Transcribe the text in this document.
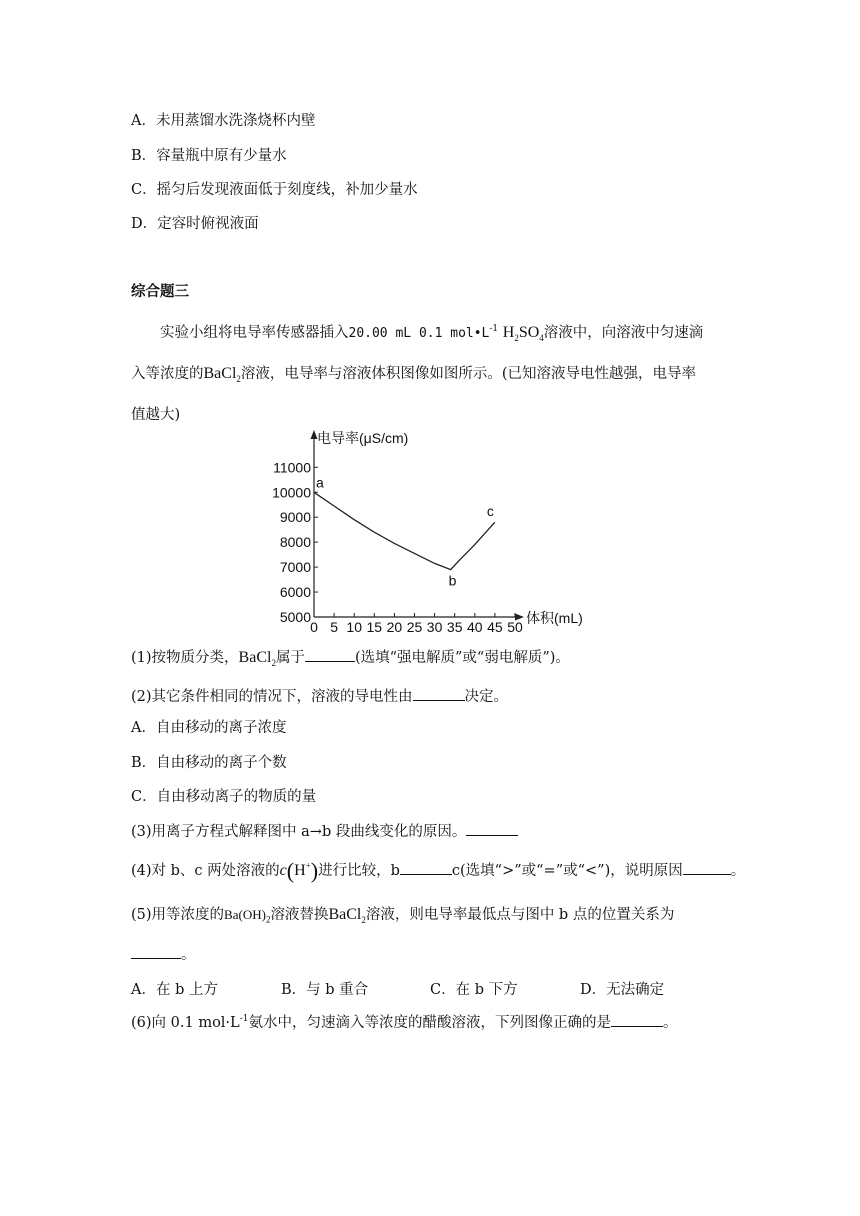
A．未用蒸馏水洗涤烧杯内壁
B．容量瓶中原有少量水
C．摇匀后发现液面低于刻度线，补加少量水
D．定容时俯视液面
综合题三
实验小组将电导率传感器插入20.00 mL 0.1 $mol•L^{-1}$ $H_2SO_4$溶液中，向溶液中匀速滴
入等浓度的BaCl$_2$溶液，电导率与溶液体积图像如图所示。(已知溶液导电性越强，电导率
值越大)
5000
6000
7000
8000
9000
10000
11000
0 5 10 15 20 25 30 35 40 45 50
电导率(μS/cm)
体积(mL)
a
b
c
(1)按物质分类，BaCl$_2$属于	(选填“强电解质”或“弱电解质”)。
(2)其它条件相同的情况下，溶液的导电性由	决定。
A．自由移动的离子浓度
B．自由移动的离子个数
C．自由移动离子的物质的量
(3)用离子方程式解释图中 a→b 段曲线变化的原因。
(4)对 b、c 两处溶液的c(H+)进行比较，b	c(选填“>”或“=”或“<”)，说明原因	。
(5)用等浓度的$Ba(OH)_2$溶液替换BaCl$_2$溶液，则电导率最低点与图中 b 点的位置关系为
。
A．在 b 上方	B．与 b 重合	C．在 b 下方	D．无法确定
(6)向 0.1 $mol\cdot L^{-1}$氨水中，匀速滴入等浓度的醋酸溶液，下列图像正确的是	。
